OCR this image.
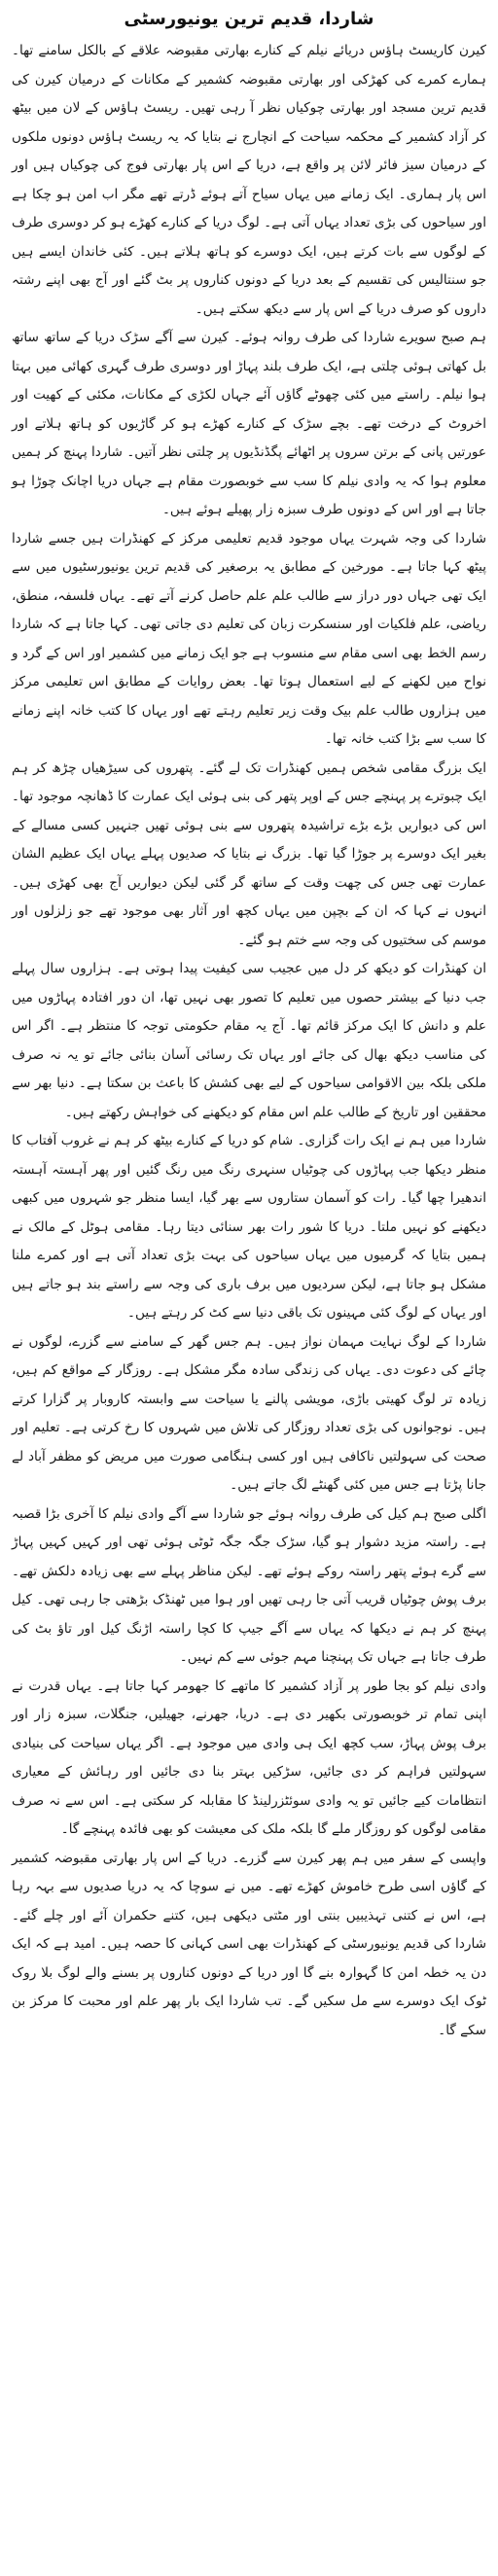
شاردا، قدیم ترین یونیورسٹی

کیرن کاریسٹ ہاؤس دریائے نیلم کے کنارے بھارتی مقبوضہ علاقے کے بالکل سامنے تھا۔ ہمارے کمرے کی کھڑکی اور بھارتی مقبوضہ کشمیر کے مکانات کے درمیان کیرن کی قدیم ترین مسجد اور بھارتی چوکیاں نظر آ رہی تھیں۔ ریسٹ ہاؤس کے لان میں بیٹھ کر آزاد کشمیر کے محکمہ سیاحت کے انچارج نے بتایا کہ یہ ریسٹ ہاؤس دونوں ملکوں کے درمیان سیز فائر لائن پر واقع ہے، دریا کے اس پار بھارتی فوج کی چوکیاں ہیں اور اس پار ہماری۔ ایک زمانے میں یہاں سیاح آتے ہوئے ڈرتے تھے مگر اب امن ہو چکا ہے اور سیاحوں کی بڑی تعداد یہاں آتی ہے۔ لوگ دریا کے کنارے کھڑے ہو کر دوسری طرف کے لوگوں سے بات کرتے ہیں، ایک دوسرے کو ہاتھ ہلاتے ہیں۔ کئی خاندان ایسے ہیں جو سنتالیس کی تقسیم کے بعد دریا کے دونوں کناروں پر بٹ گئے اور آج بھی اپنے رشتہ داروں کو صرف دریا کے اس پار سے دیکھ سکتے ہیں۔

ہم صبح سویرے شاردا کی طرف روانہ ہوئے۔ کیرن سے آگے سڑک دریا کے ساتھ ساتھ بل کھاتی ہوئی چلتی ہے، ایک طرف بلند پہاڑ اور دوسری طرف گہری کھائی میں بہتا ہوا نیلم۔ راستے میں کئی چھوٹے گاؤں آئے جہاں لکڑی کے مکانات، مکئی کے کھیت اور اخروٹ کے درخت تھے۔ بچے سڑک کے کنارے کھڑے ہو کر گاڑیوں کو ہاتھ ہلاتے اور عورتیں پانی کے برتن سروں پر اٹھائے پگڈنڈیوں پر چلتی نظر آتیں۔ شاردا پہنچ کر ہمیں معلوم ہوا کہ یہ وادی نیلم کا سب سے خوبصورت مقام ہے جہاں دریا اچانک چوڑا ہو جاتا ہے اور اس کے دونوں طرف سبزہ زار پھیلے ہوئے ہیں۔

شاردا کی وجہ شہرت یہاں موجود قدیم تعلیمی مرکز کے کھنڈرات ہیں جسے شاردا پیٹھ کہا جاتا ہے۔ مورخین کے مطابق یہ برصغیر کی قدیم ترین یونیورسٹیوں میں سے ایک تھی جہاں دور دراز سے طالب علم علم حاصل کرنے آتے تھے۔ یہاں فلسفہ، منطق، ریاضی، علم فلکیات اور سنسکرت زبان کی تعلیم دی جاتی تھی۔ کہا جاتا ہے کہ شاردا رسم الخط بھی اسی مقام سے منسوب ہے جو ایک زمانے میں کشمیر اور اس کے گرد و نواح میں لکھنے کے لیے استعمال ہوتا تھا۔ بعض روایات کے مطابق اس تعلیمی مرکز میں ہزاروں طالب علم بیک وقت زیر تعلیم رہتے تھے اور یہاں کا کتب خانہ اپنے زمانے کا سب سے بڑا کتب خانہ تھا۔

ایک بزرگ مقامی شخص ہمیں کھنڈرات تک لے گئے۔ پتھروں کی سیڑھیاں چڑھ کر ہم ایک چبوترے پر پہنچے جس کے اوپر پتھر کی بنی ہوئی ایک عمارت کا ڈھانچہ موجود تھا۔ اس کی دیواریں بڑے بڑے تراشیدہ پتھروں سے بنی ہوئی تھیں جنہیں کسی مسالے کے بغیر ایک دوسرے پر جوڑا گیا تھا۔ بزرگ نے بتایا کہ صدیوں پہلے یہاں ایک عظیم الشان عمارت تھی جس کی چھت وقت کے ساتھ گر گئی لیکن دیواریں آج بھی کھڑی ہیں۔ انہوں نے کہا کہ ان کے بچپن میں یہاں کچھ اور آثار بھی موجود تھے جو زلزلوں اور موسم کی سختیوں کی وجہ سے ختم ہو گئے۔

ان کھنڈرات کو دیکھ کر دل میں عجیب سی کیفیت پیدا ہوتی ہے۔ ہزاروں سال پہلے جب دنیا کے بیشتر حصوں میں تعلیم کا تصور بھی نہیں تھا، ان دور افتادہ پہاڑوں میں علم و دانش کا ایک مرکز قائم تھا۔ آج یہ مقام حکومتی توجہ کا منتظر ہے۔ اگر اس کی مناسب دیکھ بھال کی جائے اور یہاں تک رسائی آسان بنائی جائے تو یہ نہ صرف ملکی بلکہ بین الاقوامی سیاحوں کے لیے بھی کشش کا باعث بن سکتا ہے۔ دنیا بھر سے محققین اور تاریخ کے طالب علم اس مقام کو دیکھنے کی خواہش رکھتے ہیں۔

شاردا میں ہم نے ایک رات گزاری۔ شام کو دریا کے کنارے بیٹھ کر ہم نے غروب آفتاب کا منظر دیکھا جب پہاڑوں کی چوٹیاں سنہری رنگ میں رنگ گئیں اور پھر آہستہ آہستہ اندھیرا چھا گیا۔ رات کو آسمان ستاروں سے بھر گیا، ایسا منظر جو شہروں میں کبھی دیکھنے کو نہیں ملتا۔ دریا کا شور رات بھر سنائی دیتا رہا۔ مقامی ہوٹل کے مالک نے ہمیں بتایا کہ گرمیوں میں یہاں سیاحوں کی بہت بڑی تعداد آتی ہے اور کمرے ملنا مشکل ہو جاتا ہے، لیکن سردیوں میں برف باری کی وجہ سے راستے بند ہو جاتے ہیں اور یہاں کے لوگ کئی مہینوں تک باقی دنیا سے کٹ کر رہتے ہیں۔

شاردا کے لوگ نہایت مہمان نواز ہیں۔ ہم جس گھر کے سامنے سے گزرے، لوگوں نے چائے کی دعوت دی۔ یہاں کی زندگی سادہ مگر مشکل ہے۔ روزگار کے مواقع کم ہیں، زیادہ تر لوگ کھیتی باڑی، مویشی پالنے یا سیاحت سے وابستہ کاروبار پر گزارا کرتے ہیں۔ نوجوانوں کی بڑی تعداد روزگار کی تلاش میں شہروں کا رخ کرتی ہے۔ تعلیم اور صحت کی سہولتیں ناکافی ہیں اور کسی ہنگامی صورت میں مریض کو مظفر آباد لے جانا پڑتا ہے جس میں کئی گھنٹے لگ جاتے ہیں۔

اگلی صبح ہم کیل کی طرف روانہ ہوئے جو شاردا سے آگے وادی نیلم کا آخری بڑا قصبہ ہے۔ راستہ مزید دشوار ہو گیا، سڑک جگہ جگہ ٹوٹی ہوئی تھی اور کہیں کہیں پہاڑ سے گرے ہوئے پتھر راستہ روکے ہوئے تھے۔ لیکن مناظر پہلے سے بھی زیادہ دلکش تھے۔ برف پوش چوٹیاں قریب آتی جا رہی تھیں اور ہوا میں ٹھنڈک بڑھتی جا رہی تھی۔ کیل پہنچ کر ہم نے دیکھا کہ یہاں سے آگے جیپ کا کچا راستہ اڑنگ کیل اور تاؤ بٹ کی طرف جاتا ہے جہاں تک پہنچنا مہم جوئی سے کم نہیں۔

وادی نیلم کو بجا طور پر آزاد کشمیر کا ماتھے کا جھومر کہا جاتا ہے۔ یہاں قدرت نے اپنی تمام تر خوبصورتی بکھیر دی ہے۔ دریا، جھرنے، جھیلیں، جنگلات، سبزہ زار اور برف پوش پہاڑ، سب کچھ ایک ہی وادی میں موجود ہے۔ اگر یہاں سیاحت کی بنیادی سہولتیں فراہم کر دی جائیں، سڑکیں بہتر بنا دی جائیں اور رہائش کے معیاری انتظامات کیے جائیں تو یہ وادی سوئٹزرلینڈ کا مقابلہ کر سکتی ہے۔ اس سے نہ صرف مقامی لوگوں کو روزگار ملے گا بلکہ ملک کی معیشت کو بھی فائدہ پہنچے گا۔

واپسی کے سفر میں ہم پھر کیرن سے گزرے۔ دریا کے اس پار بھارتی مقبوضہ کشمیر کے گاؤں اسی طرح خاموش کھڑے تھے۔ میں نے سوچا کہ یہ دریا صدیوں سے بہہ رہا ہے، اس نے کتنی تہذیبیں بنتی اور مٹتی دیکھی ہیں، کتنے حکمران آئے اور چلے گئے۔ شاردا کی قدیم یونیورسٹی کے کھنڈرات بھی اسی کہانی کا حصہ ہیں۔ امید ہے کہ ایک دن یہ خطہ امن کا گہوارہ بنے گا اور دریا کے دونوں کناروں پر بسنے والے لوگ بلا روک ٹوک ایک دوسرے سے مل سکیں گے۔ تب شاردا ایک بار پھر علم اور محبت کا مرکز بن سکے گا۔
